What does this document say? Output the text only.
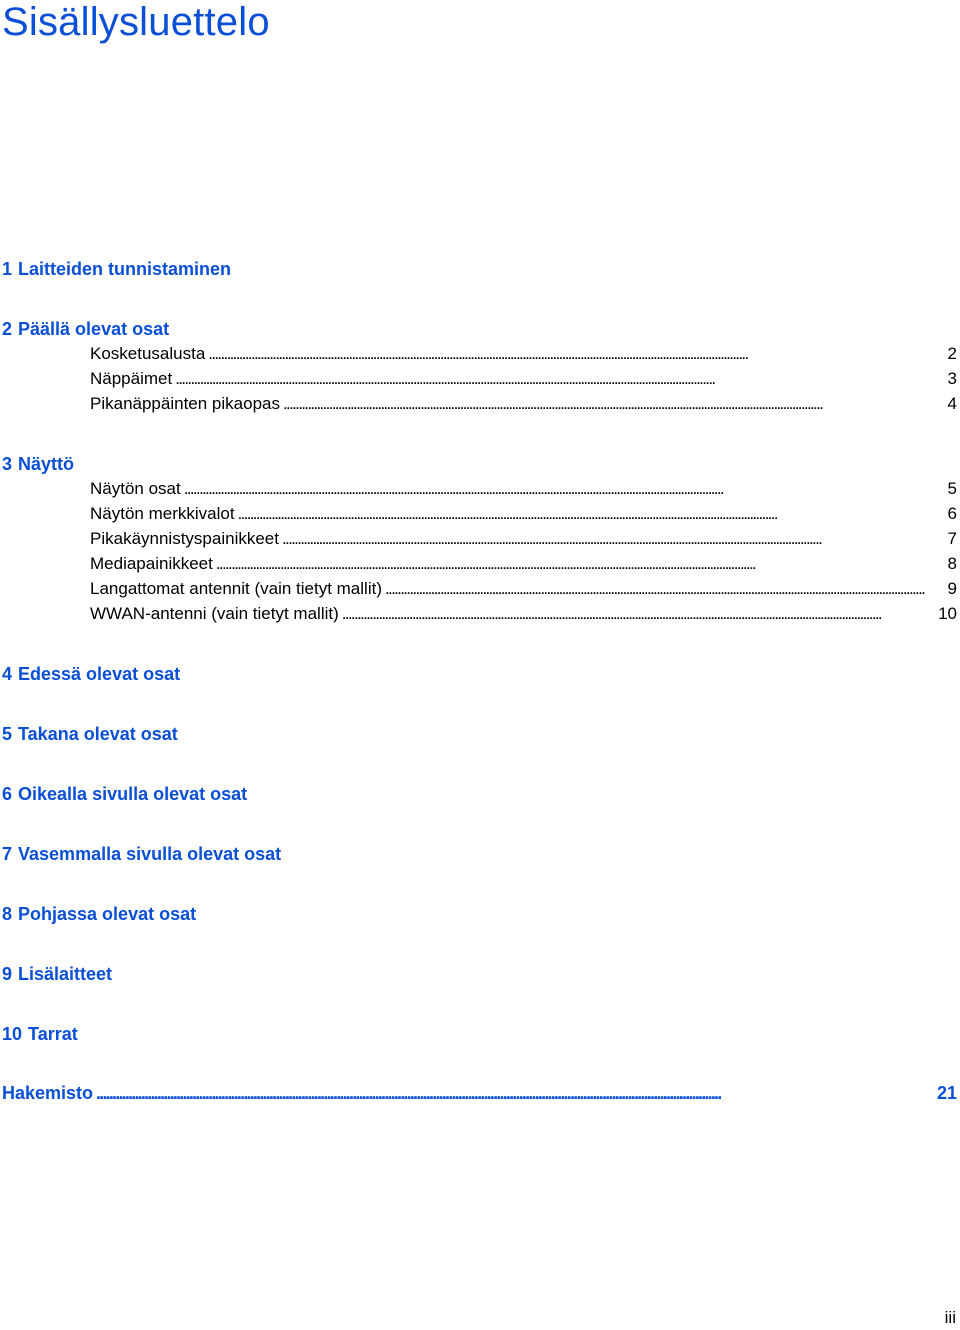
Sisällysluettelo
1 Laitteiden tunnistaminen
2 Päällä olevat osat
Kosketusalusta . . .	2
Näppäimet . . .	3
Pikanäppäinten pikaopas . . .	4
3 Näyttö
Näytön osat . . .	5
Näytön merkkivalot . . .	6
Pikakäynnistyspainikkeet . . .	7
Mediapainikkeet . . .	8
Langattomat antennit (vain tietyt mallit) . . .	9
WWAN-antenni (vain tietyt mallit) . . .	10
4 Edessä olevat osat
5 Takana olevat osat
6 Oikealla sivulla olevat osat
7 Vasemmalla sivulla olevat osat
8 Pohjassa olevat osat
9 Lisälaitteet
10 Tarrat
Hakemisto . . .	21
iii
